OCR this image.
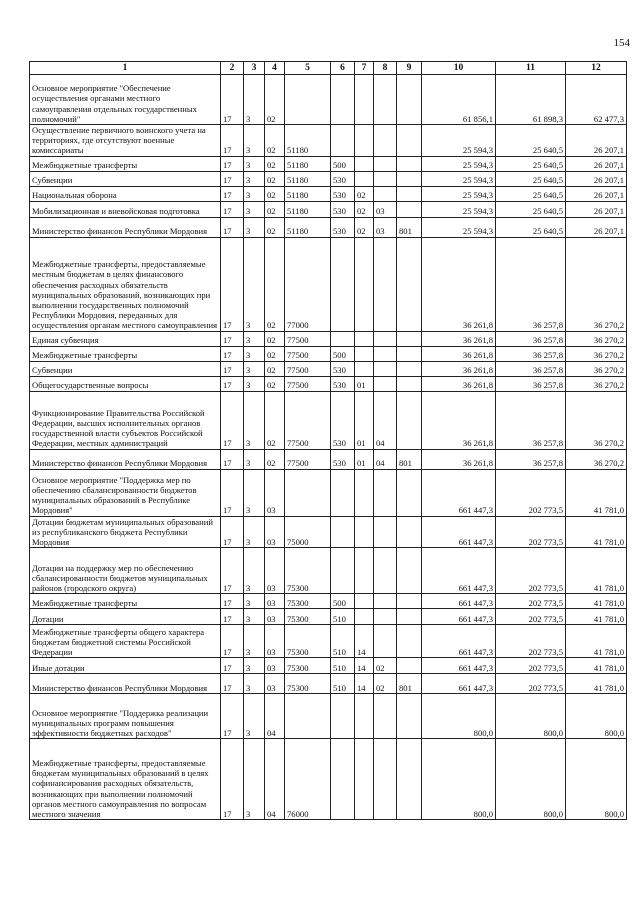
154
1	2	3	4	5	6	7	8	9	10	11	12
Основное мероприятие "Обеспечение осуществления органами местного самоуправления отдельных государственных полномочий"	17	3	02						61 856,1	61 898,3	62 477,3
Осуществление первичного воинского учета на территориях, где отсутствуют военные комиссариаты	17	3	02	51180					25 594,3	25 640,5	26 207,1
Межбюджетные трансферты	17	3	02	51180	500				25 594,3	25 640,5	26 207,1
Субвенции	17	3	02	51180	530				25 594,3	25 640,5	26 207,1
Национальная оборона	17	3	02	51180	530	02			25 594,3	25 640,5	26 207,1
Мобилизационная и вневойсковая подготовка	17	3	02	51180	530	02	03		25 594,3	25 640,5	26 207,1
Министерство финансов Республики Мордовия	17	3	02	51180	530	02	03	801	25 594,3	25 640,5	26 207,1
Межбюджетные трансферты, предоставляемые местным бюджетам в целях финансового обеспечения расходных обязательств муниципальных образований, возникающих при выполнении государственных полномочий Республики Мордовия, переданных для осуществления органам местного самоуправления	17	3	02	77000					36 261,8	36 257,8	36 270,2
Единая субвенция	17	3	02	77500					36 261,8	36 257,8	36 270,2
Межбюджетные трансферты	17	3	02	77500	500				36 261,8	36 257,8	36 270,2
Субвенции	17	3	02	77500	530				36 261,8	36 257,8	36 270,2
Общегосударственные вопросы	17	3	02	77500	530	01			36 261,8	36 257,8	36 270,2
Функционирование Правительства Российской Федерации, высших исполнительных органов государственной власти субъектов Российской Федерации, местных администраций	17	3	02	77500	530	01	04		36 261,8	36 257,8	36 270,2
Министерство финансов Республики Мордовия	17	3	02	77500	530	01	04	801	36 261,8	36 257,8	36 270,2
Основное мероприятие "Поддержка мер по обеспечению сбалансированности бюджетов муниципальных образований в Республике Мордовия"	17	3	03						661 447,3	202 773,5	41 781,0
Дотации бюджетам муниципальных образований из республиканского бюджета Республики Мордовия	17	3	03	75000					661 447,3	202 773,5	41 781,0
Дотации на поддержку мер по обеспечению сбалансированности бюджетов муниципальных районов (городского округа)	17	3	03	75300					661 447,3	202 773,5	41 781,0
Межбюджетные трансферты	17	3	03	75300	500				661 447,3	202 773,5	41 781,0
Дотации	17	3	03	75300	510				661 447,3	202 773,5	41 781,0
Межбюджетные трансферты общего характера бюджетам бюджетной системы Российской Федерации	17	3	03	75300	510	14			661 447,3	202 773,5	41 781,0
Иные дотации	17	3	03	75300	510	14	02		661 447,3	202 773,5	41 781,0
Министерство финансов Республики Мордовия	17	3	03	75300	510	14	02	801	661 447,3	202 773,5	41 781,0
Основное мероприятие "Поддержка реализации муниципальных программ повышения эффективности бюджетных расходов"	17	3	04						800,0	800,0	800,0
Межбюджетные трансферты, предоставляемые бюджетам муниципальных образований в целях софинансирования расходных обязательств, возникающих при выполнении полномочий органов местного самоуправления по вопросам местного значения	17	3	04	76000					800,0	800,0	800,0
